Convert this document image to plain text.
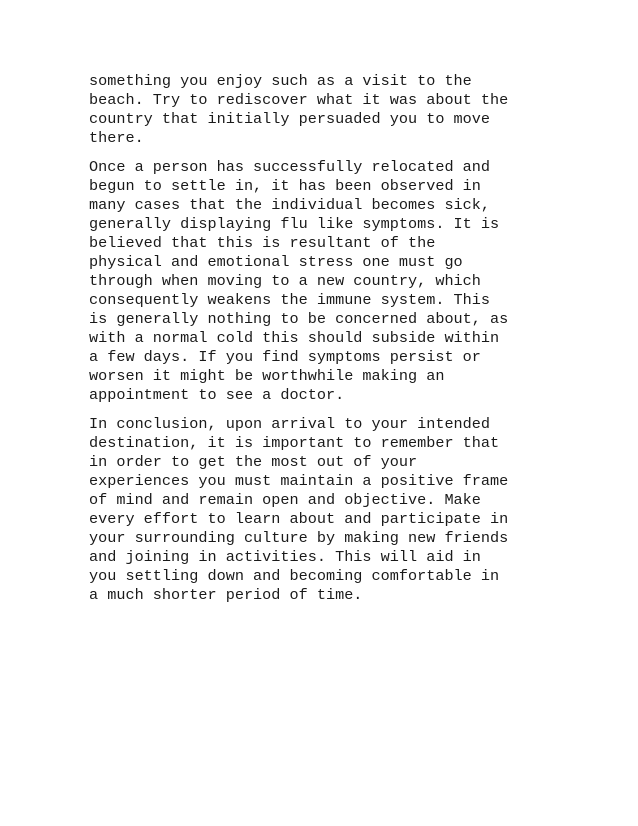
something you enjoy such as a visit to the
beach. Try to rediscover what it was about the
country that initially persuaded you to move
there.

Once a person has successfully relocated and
begun to settle in, it has been observed in
many cases that the individual becomes sick,
generally displaying flu like symptoms. It is
believed that this is resultant of the
physical and emotional stress one must go
through when moving to a new country, which
consequently weakens the immune system. This
is generally nothing to be concerned about, as
with a normal cold this should subside within
a few days. If you find symptoms persist or
worsen it might be worthwhile making an
appointment to see a doctor.

In conclusion, upon arrival to your intended
destination, it is important to remember that
in order to get the most out of your
experiences you must maintain a positive frame
of mind and remain open and objective. Make
every effort to learn about and participate in
your surrounding culture by making new friends
and joining in activities. This will aid in
you settling down and becoming comfortable in
a much shorter period of time.
